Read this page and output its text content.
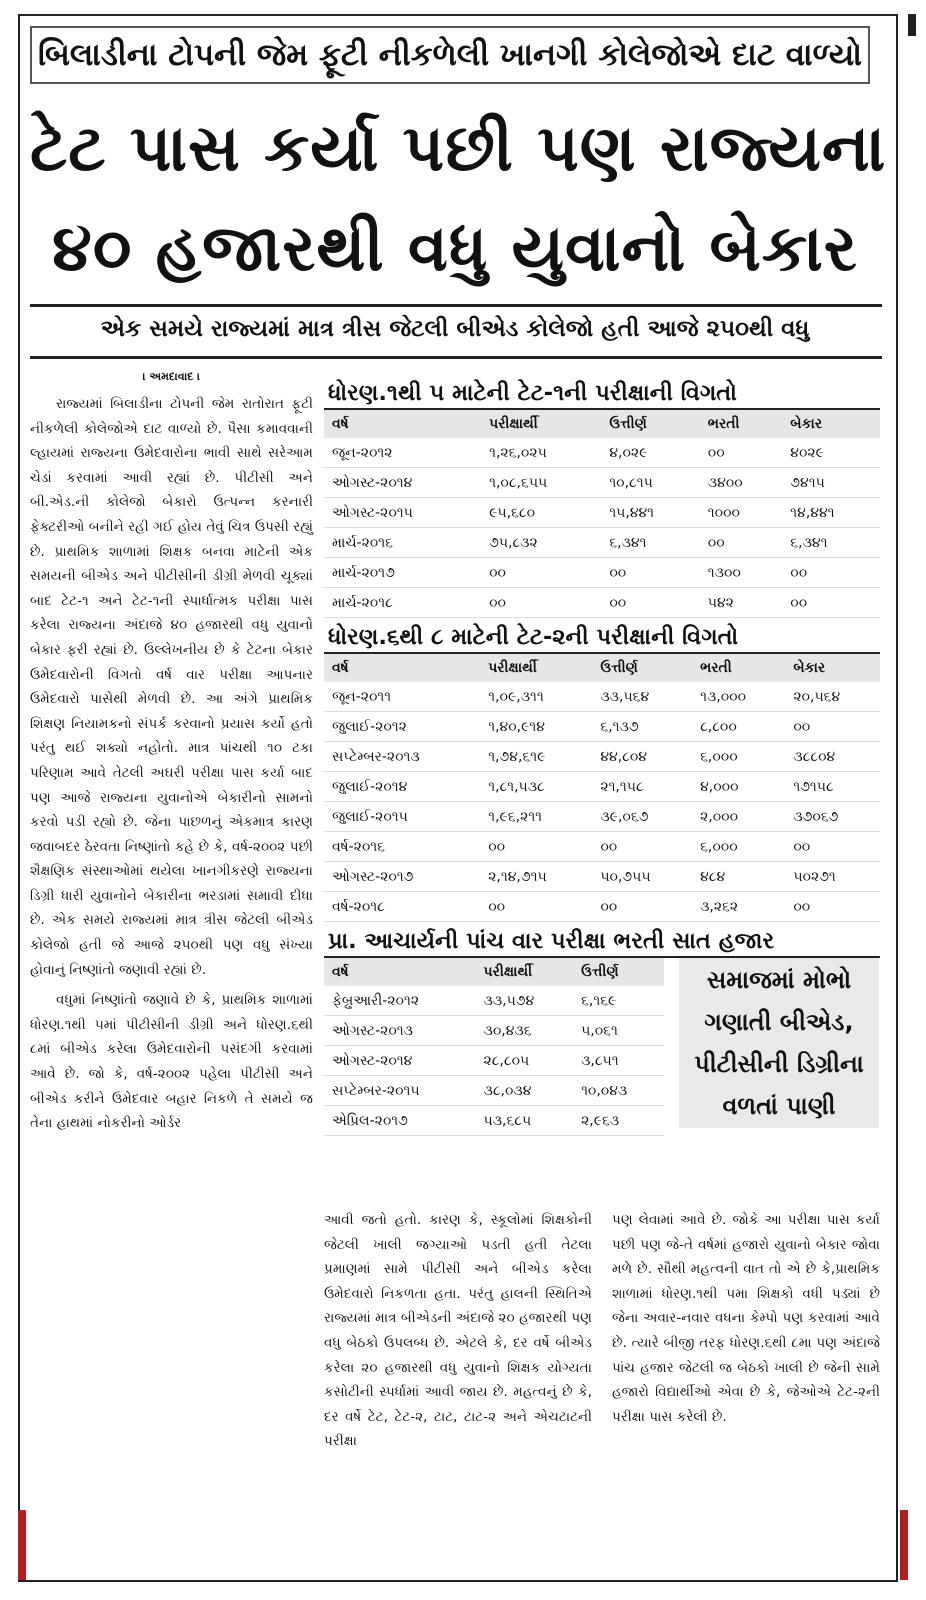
બિલાડીના ટોપની જેમ ફૂટી નીકળેલી ખાનગી કોલેજોએ દાટ વાળ્યો
ટેટ પાસ કર્યા પછી પણ રાજ્યના
૪૦ હજારથી વધુ યુવાનો બેકાર
એક સમયે રાજ્યમાં માત્ર ત્રીસ જેટલી બીએડ કોલેજો હતી આજે ૨૫૦થી વધુ
। અમદાવાદ ।

રાજ્યમાં બિલાડીના ટોપની જેમ રાતોરાત ફૂટી નીકળેલી કોલેજોએ દાટ વાળ્યો છે. પૈસા કમાવવાની લ્હાયમાં રાજ્યના ઉમેદવારોના ભાવી સાથે સરેઆમ ચેડાં કરવામાં આવી રહ્યાં છે. પીટીસી અને બી.એડ.ની કોલેજો બેકારો ઉત્પન્ન કરનારી ફેક્ટરીઓ બનીને રહી ગઈ હોય તેવું ચિત્ર ઉપસી રહ્યું છે. પ્રાથમિક શાળામાં શિક્ષક બનવા માટેની એક સમયની બીએડ અને પીટીસીની ડીગ્રી મેળવી ચૂક્યાં બાદ ટેટ-૧ અને ટેટ-૧ની સ્પાર્ધાત્મક પરીક્ષા પાસ કરેલા રાજ્યના અંદાજે ૪૦ હજારથી વધુ યુવાનો બેકાર ફરી રહ્યાં છે. ઉલ્લેખનીય છે કે ટેટના બેકાર ઉમેદવારોની વિગતો વર્ષ વાર પરીક્ષા આપનાર ઉમેદવારો પાસેથી મેળવી છે. આ અંગે પ્રાથમિક શિક્ષણ નિયામકનો સંપર્ક કરવાનો પ્રયાસ કર્યો હતો પરંતુ થઈ શક્યો નહોતો. માત્ર પાંચથી ૧૦ ટકા પરિણામ આવે તેટલી અઘરી પરીક્ષા પાસ કર્યા બાદ પણ આજે રાજ્યના યુવાનોએ બેકારીનો સામનો કરવો પડી રહ્યો છે. જેના પાછળનું એકમાત્ર કારણ જવાબદર ઠેરવતા નિષ્ણાંતો કહે છે કે, વર્ષ-૨૦૦૨ પછી શૈક્ષણિક સંસ્થાઓમાં થયેલા ખાનગીકરણે રાજ્યના ડિગ્રી ધારી યુવાનોને બેકારીના ભરડામાં સમાવી દીધા છે. એક સમયે રાજ્યમાં માત્ર ત્રીસ જેટલી બીએડ કોલેજો હતી જે આજે ૨૫૦થી પણ વધુ સંખ્યા હોવાનું નિષ્ણાંતો જણાવી રહ્યાં છે.

વધુમાં નિષ્ણાંતો જણાવે છે કે, પ્રાથમિક શાળામાં ધોરણ.૧થી ૫માં પીટીસીની ડીગ્રી અને ધોરણ.૬થી ૮માં બીએડ કરેલા ઉમેદવારોની પસંદગી કરવામાં આવે છે. જો કે, વર્ષ-૨૦૦૨ પહેલા પીટીસી અને બીએડ કરીને ઉમેદવાર બહાર નિકળે તે સમયે જ તેના હાથમાં નોકરીનો ઓર્ડર

ધોરણ.૧થી ૫ માટેની ટેટ-૧ની પરીક્ષાની વિગતો
વર્ષ	પરીક્ષાર્થી	ઉત્તીર્ણ	ભરતી	બેકાર
જૂન-૨૦૧૨	૧,૨૬,૦૨૫	૪,૦૨૯	૦૦	૪૦૨૯
ઓગસ્ટ-૨૦૧૪	૧,૦૮,૬૫૫	૧૦,૮૧૫	૩૪૦૦	૭૪૧૫
ઓગસ્ટ-૨૦૧૫	૯૫,૬૮૦	૧૫,૪૪૧	૧૦૦૦	૧૪,૪૪૧
માર્ચ-૨૦૧૬	૭૫,૮૩૨	૬,૩૪૧	૦૦	૬,૩૪૧
માર્ચ-૨૦૧૭	૦૦	૦૦	૧૩૦૦	૦૦
માર્ચ-૨૦૧૮	૦૦	૦૦	૫૪૨	૦૦
ધોરણ.૬થી ૮ માટેની ટેટ-૨ની પરીક્ષાની વિગતો
વર્ષ	પરીક્ષાર્થી	ઉત્તીર્ણ	ભરતી	બેકાર
જૂન-૨૦૧૧	૧,૦૯,૩૧૧	૩૩,૫૬૪	૧૩,૦૦૦	૨૦,૫૬૪
જુલાઈ-૨૦૧૨	૧,૪૦,૯૧૪	૬,૧૩૭	૮,૮૦૦	૦૦
સપ્ટેમ્બર-૨૦૧૩	૧,૭૪,૬૧૯	૪૪,૮૦૪	૬,૦૦૦	૩૮૮૦૪
જુલાઈ-૨૦૧૪	૧,૮૧,૫૩૮	૨૧,૧૫૮	૪,૦૦૦	૧૭૧૫૮
જુલાઈ-૨૦૧૫	૧,૯૬,૨૧૧	૩૯,૦૬૭	૨,૦૦૦	૩૭૦૬૭
વર્ષ-૨૦૧૬	૦૦	૦૦	૬,૦૦૦	૦૦
ઓગસ્ટ-૨૦૧૭	૨,૧૪,૭૧૫	૫૦,૭૫૫	૪૮૪	૫૦૨૭૧
વર્ષ-૨૦૧૮	૦૦	૦૦	૩,૨૬૨	૦૦
પ્રા. આચાર્યની પાંચ વાર પરીક્ષા ભરતી સાત હજાર
વર્ષ	પરીક્ષાર્થી	ઉત્તીર્ણ
ફેબ્રુઆરી-૨૦૧૨	૩૩,૫૭૪	૬,૧૬૯
ઓગસ્ટ-૨૦૧૩	૩૦,૪૩૬	૫,૦૬૧
ઓગસ્ટ-૨૦૧૪	૨૮,૮૦૫	૩,૮૫૧
સપ્ટેમ્બર-૨૦૧૫	૩૮,૦૩૪	૧૦,૦૪૩
એપ્રિલ-૨૦૧૭	૫૩,૬૮૫	૨,૯૬૩
સમાજમાં મોભો
ગણાતી બીએડ,
પીટીસીની ડિગ્રીના
વળતાં પાણી
આવી જતો હતો. કારણ કે, સ્કૂલોમાં શિક્ષકોની જેટલી ખાલી જગ્યાઓ પડતી હતી તેટલા પ્રમાણમાં સામે પીટીસી અને બીએડ કરેલા ઉમેદવારો નિકળતા હતા. પરંતુ હાલની સ્થિતિએ રાજ્યમાં માત્ર બીએડની અંદાજે ૨૦ હજારથી પણ વધુ બેઠકો ઉપલબ્ધ છે. એટલે કે, દર વર્ષે બીએડ કરેલા ૨૦ હજારથી વધુ યુવાનો શિક્ષક યોગ્યતા કસોટીની સ્પર્ધામાં આવી જાય છે. મહત્વનું છે કે, દર વર્ષે ટેટ, ટેટ-૨, ટાટ, ટાટ-૨ અને એચટાટની પરીક્ષા
પણ લેવામાં આવે છે. જોકે આ પરીક્ષા પાસ કર્યા પછી પણ જે-તે વર્ષમાં હજારો યુવાનો બેકાર જોવા મળે છે. સૌથી મહત્વની વાત તો એ છે કે,પ્રાથમિક શાળામાં ધોરણ.૧થી ૫મા શિક્ષકો વધી પડ્યાં છે જેના અવાર-નવાર વધના કેમ્પો પણ કરવામાં આવે છે. ત્યારે બીજી તરફ ધોરણ.૬થી ૮મા પણ અંદાજે પાંચ હજાર જેટલી જ બેઠકો ખાલી છે જેની સામે હજારો વિદ્યાર્થીઓ એવા છે કે, જેઓએ ટેટ-૨ની પરીક્ષા પાસ કરેલી છે.
